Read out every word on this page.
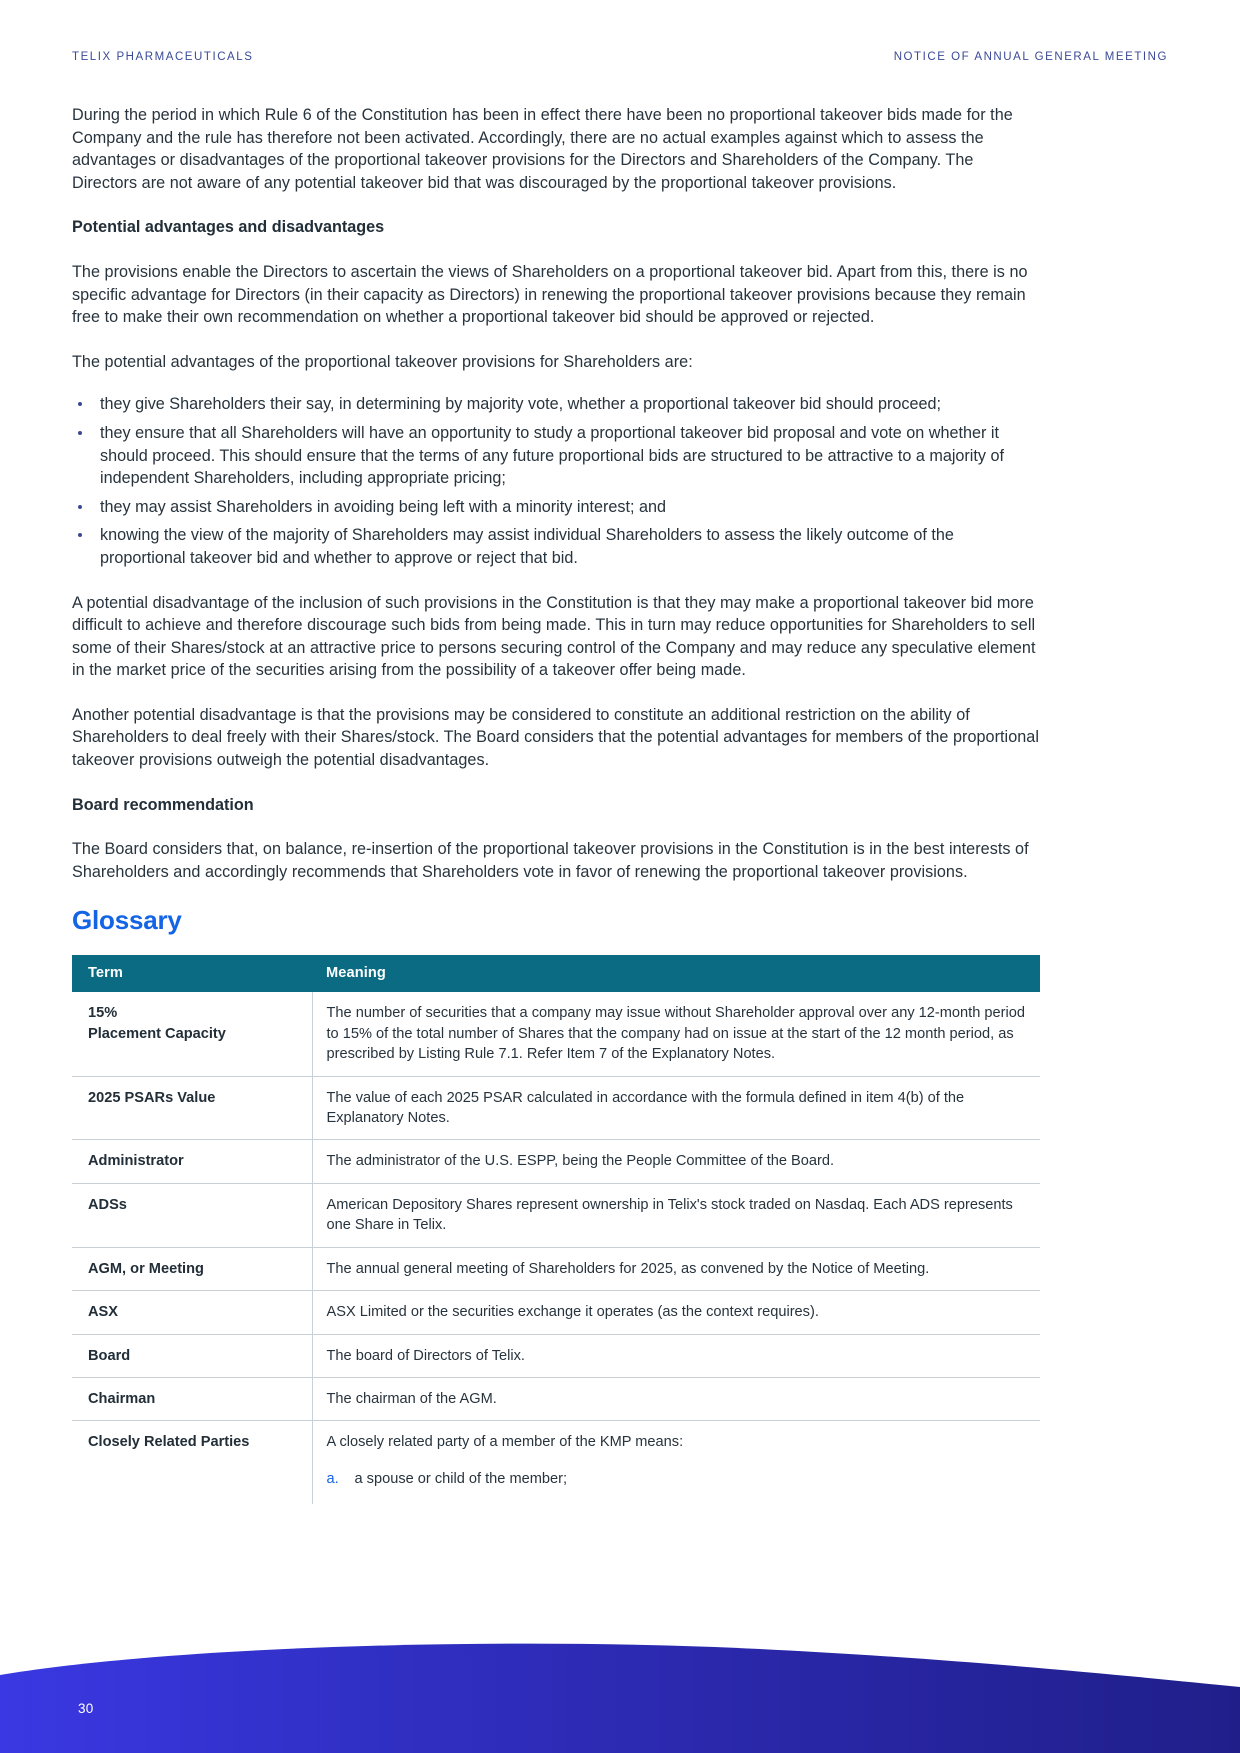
TELIX PHARMACEUTICALS	NOTICE OF ANNUAL GENERAL MEETING

During the period in which Rule 6 of the Constitution has been in effect there have been no proportional takeover bids made for the Company and the rule has therefore not been activated. Accordingly, there are no actual examples against which to assess the advantages or disadvantages of the proportional takeover provisions for the Directors and Shareholders of the Company. The Directors are not aware of any potential takeover bid that was discouraged by the proportional takeover provisions.

Potential advantages and disadvantages

The provisions enable the Directors to ascertain the views of Shareholders on a proportional takeover bid. Apart from this, there is no specific advantage for Directors (in their capacity as Directors) in renewing the proportional takeover provisions because they remain free to make their own recommendation on whether a proportional takeover bid should be approved or rejected.

The potential advantages of the proportional takeover provisions for Shareholders are:

they give Shareholders their say, in determining by majority vote, whether a proportional takeover bid should proceed;
they ensure that all Shareholders will have an opportunity to study a proportional takeover bid proposal and vote on whether it should proceed. This should ensure that the terms of any future proportional bids are structured to be attractive to a majority of independent Shareholders, including appropriate pricing;
they may assist Shareholders in avoiding being left with a minority interest; and
knowing the view of the majority of Shareholders may assist individual Shareholders to assess the likely outcome of the proportional takeover bid and whether to approve or reject that bid.

A potential disadvantage of the inclusion of such provisions in the Constitution is that they may make a proportional takeover bid more difficult to achieve and therefore discourage such bids from being made. This in turn may reduce opportunities for Shareholders to sell some of their Shares/stock at an attractive price to persons securing control of the Company and may reduce any speculative element in the market price of the securities arising from the possibility of a takeover offer being made.

Another potential disadvantage is that the provisions may be considered to constitute an additional restriction on the ability of Shareholders to deal freely with their Shares/stock. The Board considers that the potential advantages for members of the proportional takeover provisions outweigh the potential disadvantages.

Board recommendation

The Board considers that, on balance, re-insertion of the proportional takeover provisions in the Constitution is in the best interests of Shareholders and accordingly recommends that Shareholders vote in favor of renewing the proportional takeover provisions.

Glossary
Term	Meaning
15%
Placement Capacity	The number of securities that a company may issue without Shareholder approval over any 12-month period to 15% of the total number of Shares that the company had on issue at the start of the 12 month period, as prescribed by Listing Rule 7.1. Refer Item 7 of the Explanatory Notes.
2025 PSARs Value	The value of each 2025 PSAR calculated in accordance with the formula defined in item 4(b) of the Explanatory Notes.
Administrator	The administrator of the U.S. ESPP, being the People Committee of the Board.
ADSs	American Depository Shares represent ownership in Telix's stock traded on Nasdaq. Each ADS represents one Share in Telix.
AGM, or Meeting	The annual general meeting of Shareholders for 2025, as convened by the Notice of Meeting.
ASX	ASX Limited or the securities exchange it operates (as the context requires).
Board	The board of Directors of Telix.
Chairman	The chairman of the AGM.
Closely Related Parties	A closely related party of a member of the KMP means:
a. a spouse or child of the member;
30
